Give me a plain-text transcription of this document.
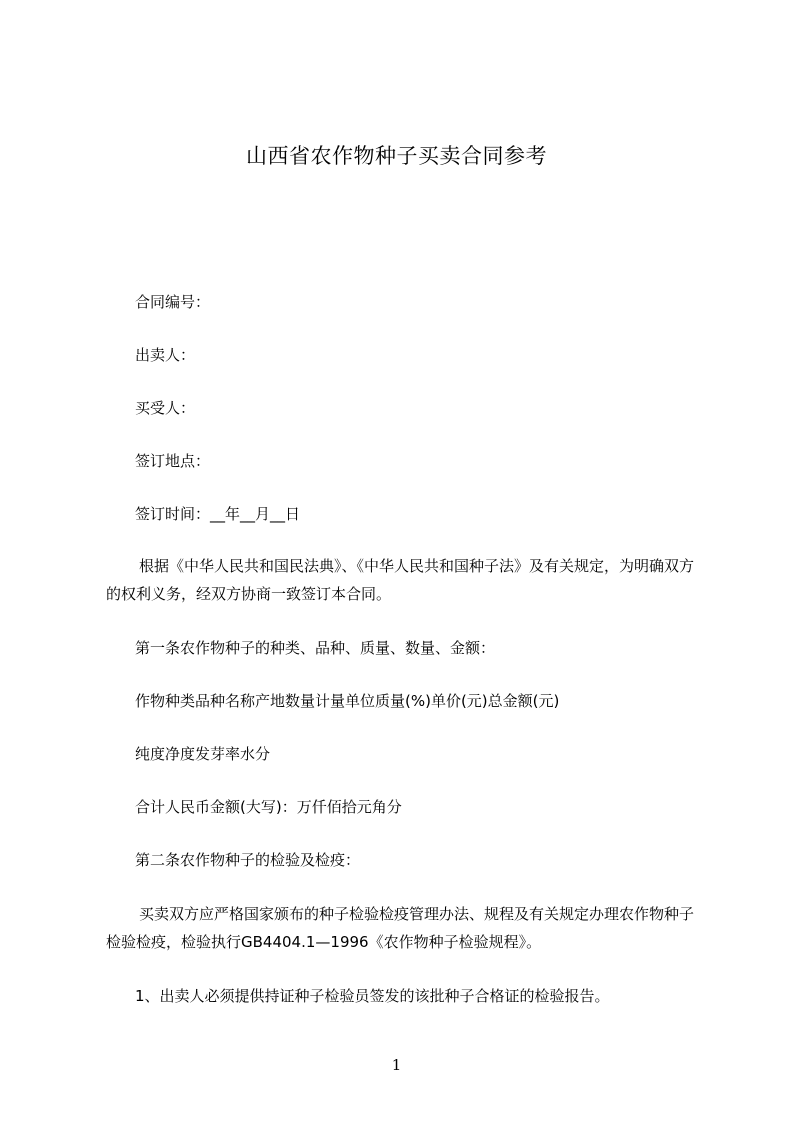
山西省农作物种子买卖合同参考
合同编号：
出卖人：
买受人：
签订地点：
签订时间：__年__月__日
根据《中华人民共和国民法典》、《中华人民共和国种子法》及有关规定，为明确双方的权利义务，经双方协商一致签订本合同。
第一条农作物种子的种类、品种、质量、数量、金额：
作物种类品种名称产地数量计量单位质量(%)单价(元)总金额(元)
纯度净度发芽率水分
合计人民币金额(大写)：万仟佰拾元角分
第二条农作物种子的检验及检疫：
买卖双方应严格国家颁布的种子检验检疫管理办法、规程及有关规定办理农作物种子检验检疫，检验执行GB4404.1—1996《农作物种子检验规程》。
1、出卖人必须提供持证种子检验员签发的该批种子合格证的检验报告。
1
